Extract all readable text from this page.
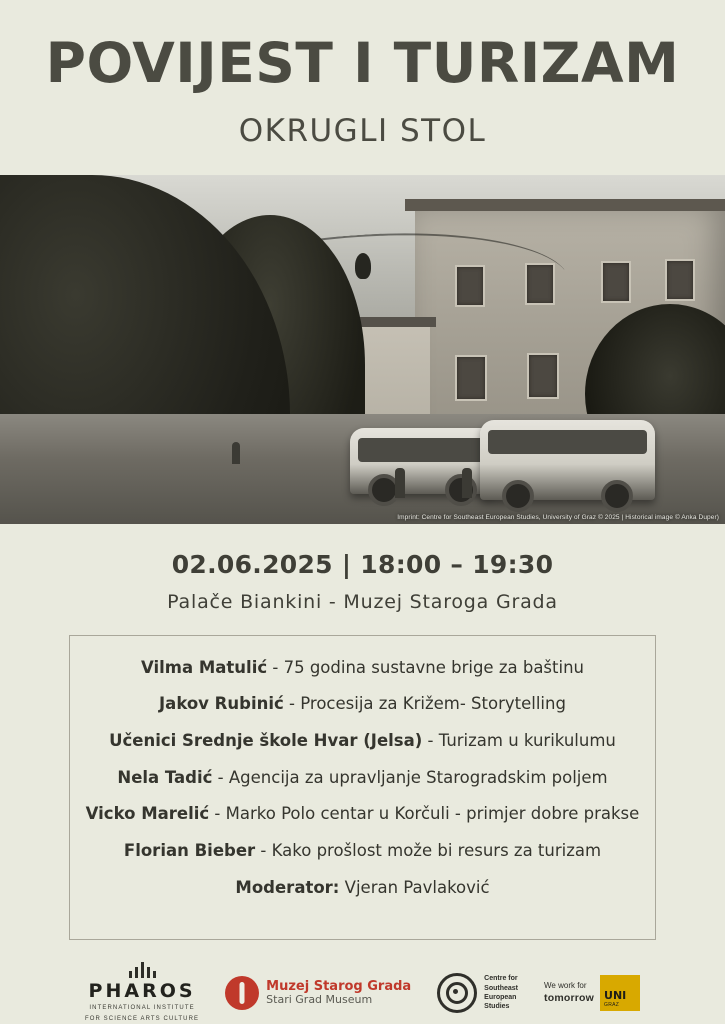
POVIJEST I TURIZAM
OKRUGLI STOL
Imprint: Centre for Southeast European Studies, University of Graz © 2025 | Historical image © Anka Duper)
02.06.2025 | 18:00 – 19:30
Palače Biankini - Muzej Staroga Grada

Vilma Matulić - 75 godina sustavne brige za baštinu

Jakov Rubinić - Procesija za Križem- Storytelling

Učenici Srednje škole Hvar (Jelsa) - Turizam u kurikulumu

Nela Tadić - Agencija za upravljanje Starogradskim poljem

Vicko Marelić - Marko Polo centar u Korčuli - primjer dobre prakse

Florian Bieber - Kako prošlost može bi resurs za turizam

Moderator: Vjeran Pavlaković

PHAROS
INTERNATIONAL INSTITUTE
FOR SCIENCE ARTS CULTURE
Muzej Starog Grada
Stari Grad Museum
Centre for
Southeast
European
Studies
We work for
tomorrow UNI
GRAZ
